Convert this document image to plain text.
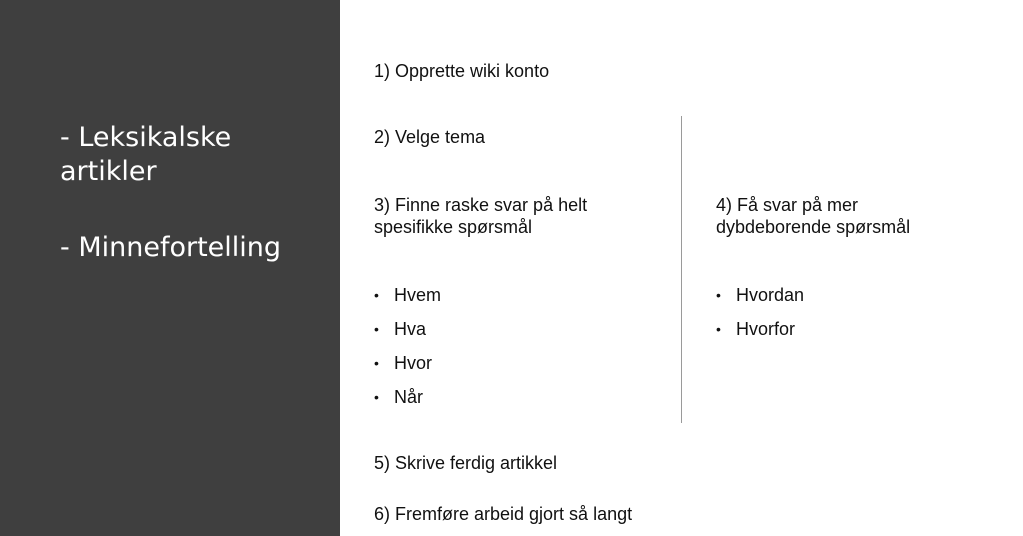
- Leksikalske artikler
- Minnefortelling
1) Opprette wiki konto
2) Velge tema
3) Finne raske svar på helt
spesifikke spørsmål
4) Få svar på mer
dybdeborende spørsmål
• Hvem
• Hva
• Hvor
• Når
• Hvordan
• Hvorfor
5) Skrive ferdig artikkel
6) Fremføre arbeid gjort så langt
